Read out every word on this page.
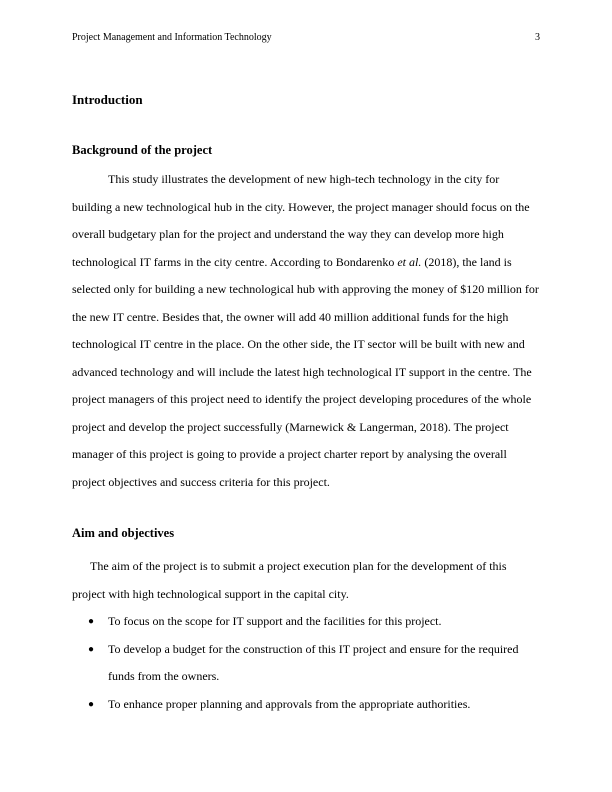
Project Management and Information Technology	3
Introduction
Background of the project

This study illustrates the development of new high-tech technology in the city for building a new technological hub in the city. However, the project manager should focus on the overall budgetary plan for the project and understand the way they can develop more high technological IT farms in the city centre. According to Bondarenko et al. (2018), the land is selected only for building a new technological hub with approving the money of $120 million for the new IT centre. Besides that, the owner will add 40 million additional funds for the high technological IT centre in the place. On the other side, the IT sector will be built with new and advanced technology and will include the latest high technological IT support in the centre. The project managers of this project need to identify the project developing procedures of the whole project and develop the project successfully (Marnewick & Langerman, 2018). The project manager of this project is going to provide a project charter report by analysing the overall project objectives and success criteria for this project.

Aim and objectives

The aim of the project is to submit a project execution plan for the development of this project with high technological support in the capital city.

● To focus on the scope for IT support and the facilities for this project.
● To develop a budget for the construction of this IT project and ensure for the required funds from the owners.
● To enhance proper planning and approvals from the appropriate authorities.
